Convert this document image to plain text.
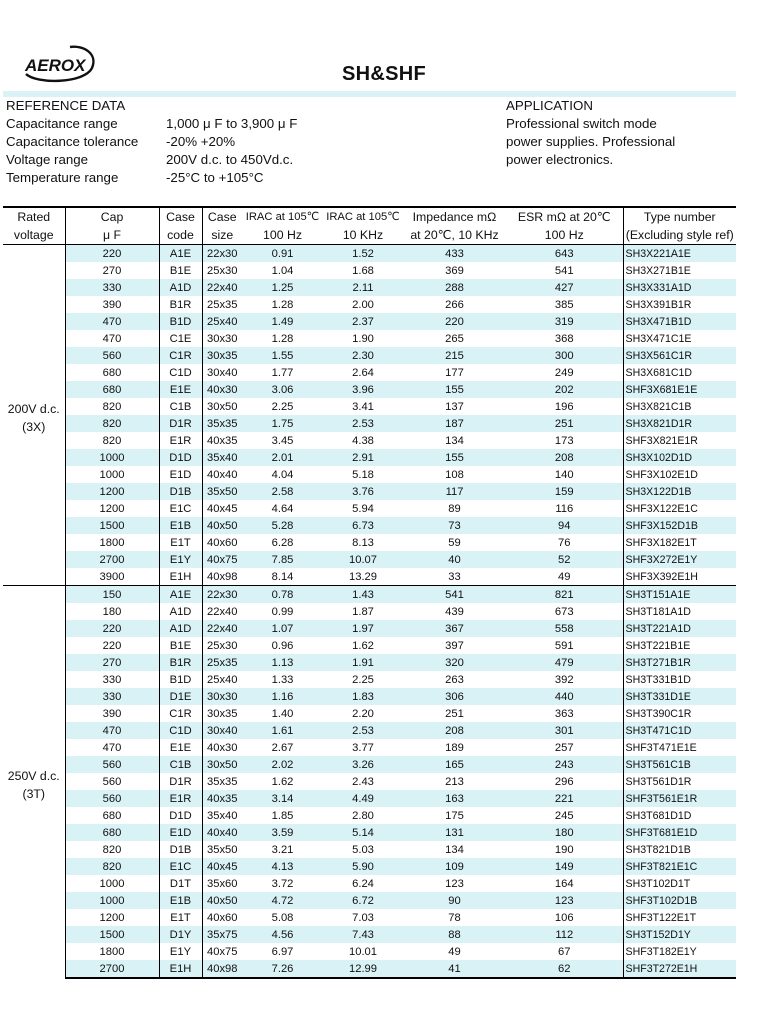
AEROX	SH&SHF
REFERENCE DATA
Capacitance range	1,000 μ F to 3,900 μ F
Capacitance tolerance	-20% +20%
Voltage range	200V d.c. to 450Vd.c.
Temperature range	-25°C to +105°C
APPLICATION
Professional switch mode
power supplies. Professional
power electronics.
Rated	Cap	Case	Case	IRAC at 105℃	IRAC at 105℃	Impedance mΩ	ESR mΩ at 20℃	Type number
voltage	μ F	code	size	100 Hz	10 KHz	at 20℃, 10 KHz	100 Hz	(Excluding style ref)

200V d.c.
(3X)	220	A1E	22x30	0.91	1.52	433	643	SH3X221A1E
	270	B1E	25x30	1.04	1.68	369	541	SH3X271B1E
	330	A1D	22x40	1.25	2.11	288	427	SH3X331A1D
	390	B1R	25x35	1.28	2.00	266	385	SH3X391B1R
	470	B1D	25x40	1.49	2.37	220	319	SH3X471B1D
	470	C1E	30x30	1.28	1.90	265	368	SH3X471C1E
	560	C1R	30x35	1.55	2.30	215	300	SH3X561C1R
	680	C1D	30x40	1.77	2.64	177	249	SH3X681C1D
	680	E1E	40x30	3.06	3.96	155	202	SHF3X681E1E
	820	C1B	30x50	2.25	3.41	137	196	SH3X821C1B
	820	D1R	35x35	1.75	2.53	187	251	SH3X821D1R
	820	E1R	40x35	3.45	4.38	134	173	SHF3X821E1R
	1000	D1D	35x40	2.01	2.91	155	208	SH3X102D1D
	1000	E1D	40x40	4.04	5.18	108	140	SHF3X102E1D
	1200	D1B	35x50	2.58	3.76	117	159	SH3X122D1B
	1200	E1C	40x45	4.64	5.94	89	116	SHF3X122E1C
	1500	E1B	40x50	5.28	6.73	73	94	SHF3X152D1B
	1800	E1T	40x60	6.28	8.13	59	76	SHF3X182E1T
	2700	E1Y	40x75	7.85	10.07	40	52	SHF3X272E1Y
	3900	E1H	40x98	8.14	13.29	33	49	SHF3X392E1H

250V d.c.
(3T)	150	A1E	22x30	0.78	1.43	541	821	SH3T151A1E
	180	A1D	22x40	0.99	1.87	439	673	SH3T181A1D
	220	A1D	22x40	1.07	1.97	367	558	SH3T221A1D
	220	B1E	25x30	0.96	1.62	397	591	SH3T221B1E
	270	B1R	25x35	1.13	1.91	320	479	SH3T271B1R
	330	B1D	25x40	1.33	2.25	263	392	SH3T331B1D
	330	D1E	30x30	1.16	1.83	306	440	SH3T331D1E
	390	C1R	30x35	1.40	2.20	251	363	SH3T390C1R
	470	C1D	30x40	1.61	2.53	208	301	SH3T471C1D
	470	E1E	40x30	2.67	3.77	189	257	SHF3T471E1E
	560	C1B	30x50	2.02	3.26	165	243	SH3T561C1B
	560	D1R	35x35	1.62	2.43	213	296	SH3T561D1R
	560	E1R	40x35	3.14	4.49	163	221	SHF3T561E1R
	680	D1D	35x40	1.85	2.80	175	245	SH3T681D1D
	680	E1D	40x40	3.59	5.14	131	180	SHF3T681E1D
	820	D1B	35x50	3.21	5.03	134	190	SH3T821D1B
	820	E1C	40x45	4.13	5.90	109	149	SHF3T821E1C
	1000	D1T	35x60	3.72	6.24	123	164	SH3T102D1T
	1000	E1B	40x50	4.72	6.72	90	123	SHF3T102D1B
	1200	E1T	40x60	5.08	7.03	78	106	SHF3T122E1T
	1500	D1Y	35x75	4.56	7.43	88	112	SH3T152D1Y
	1800	E1Y	40x75	6.97	10.01	49	67	SHF3T182E1Y
	2700	E1H	40x98	7.26	12.99	41	62	SHF3T272E1H
